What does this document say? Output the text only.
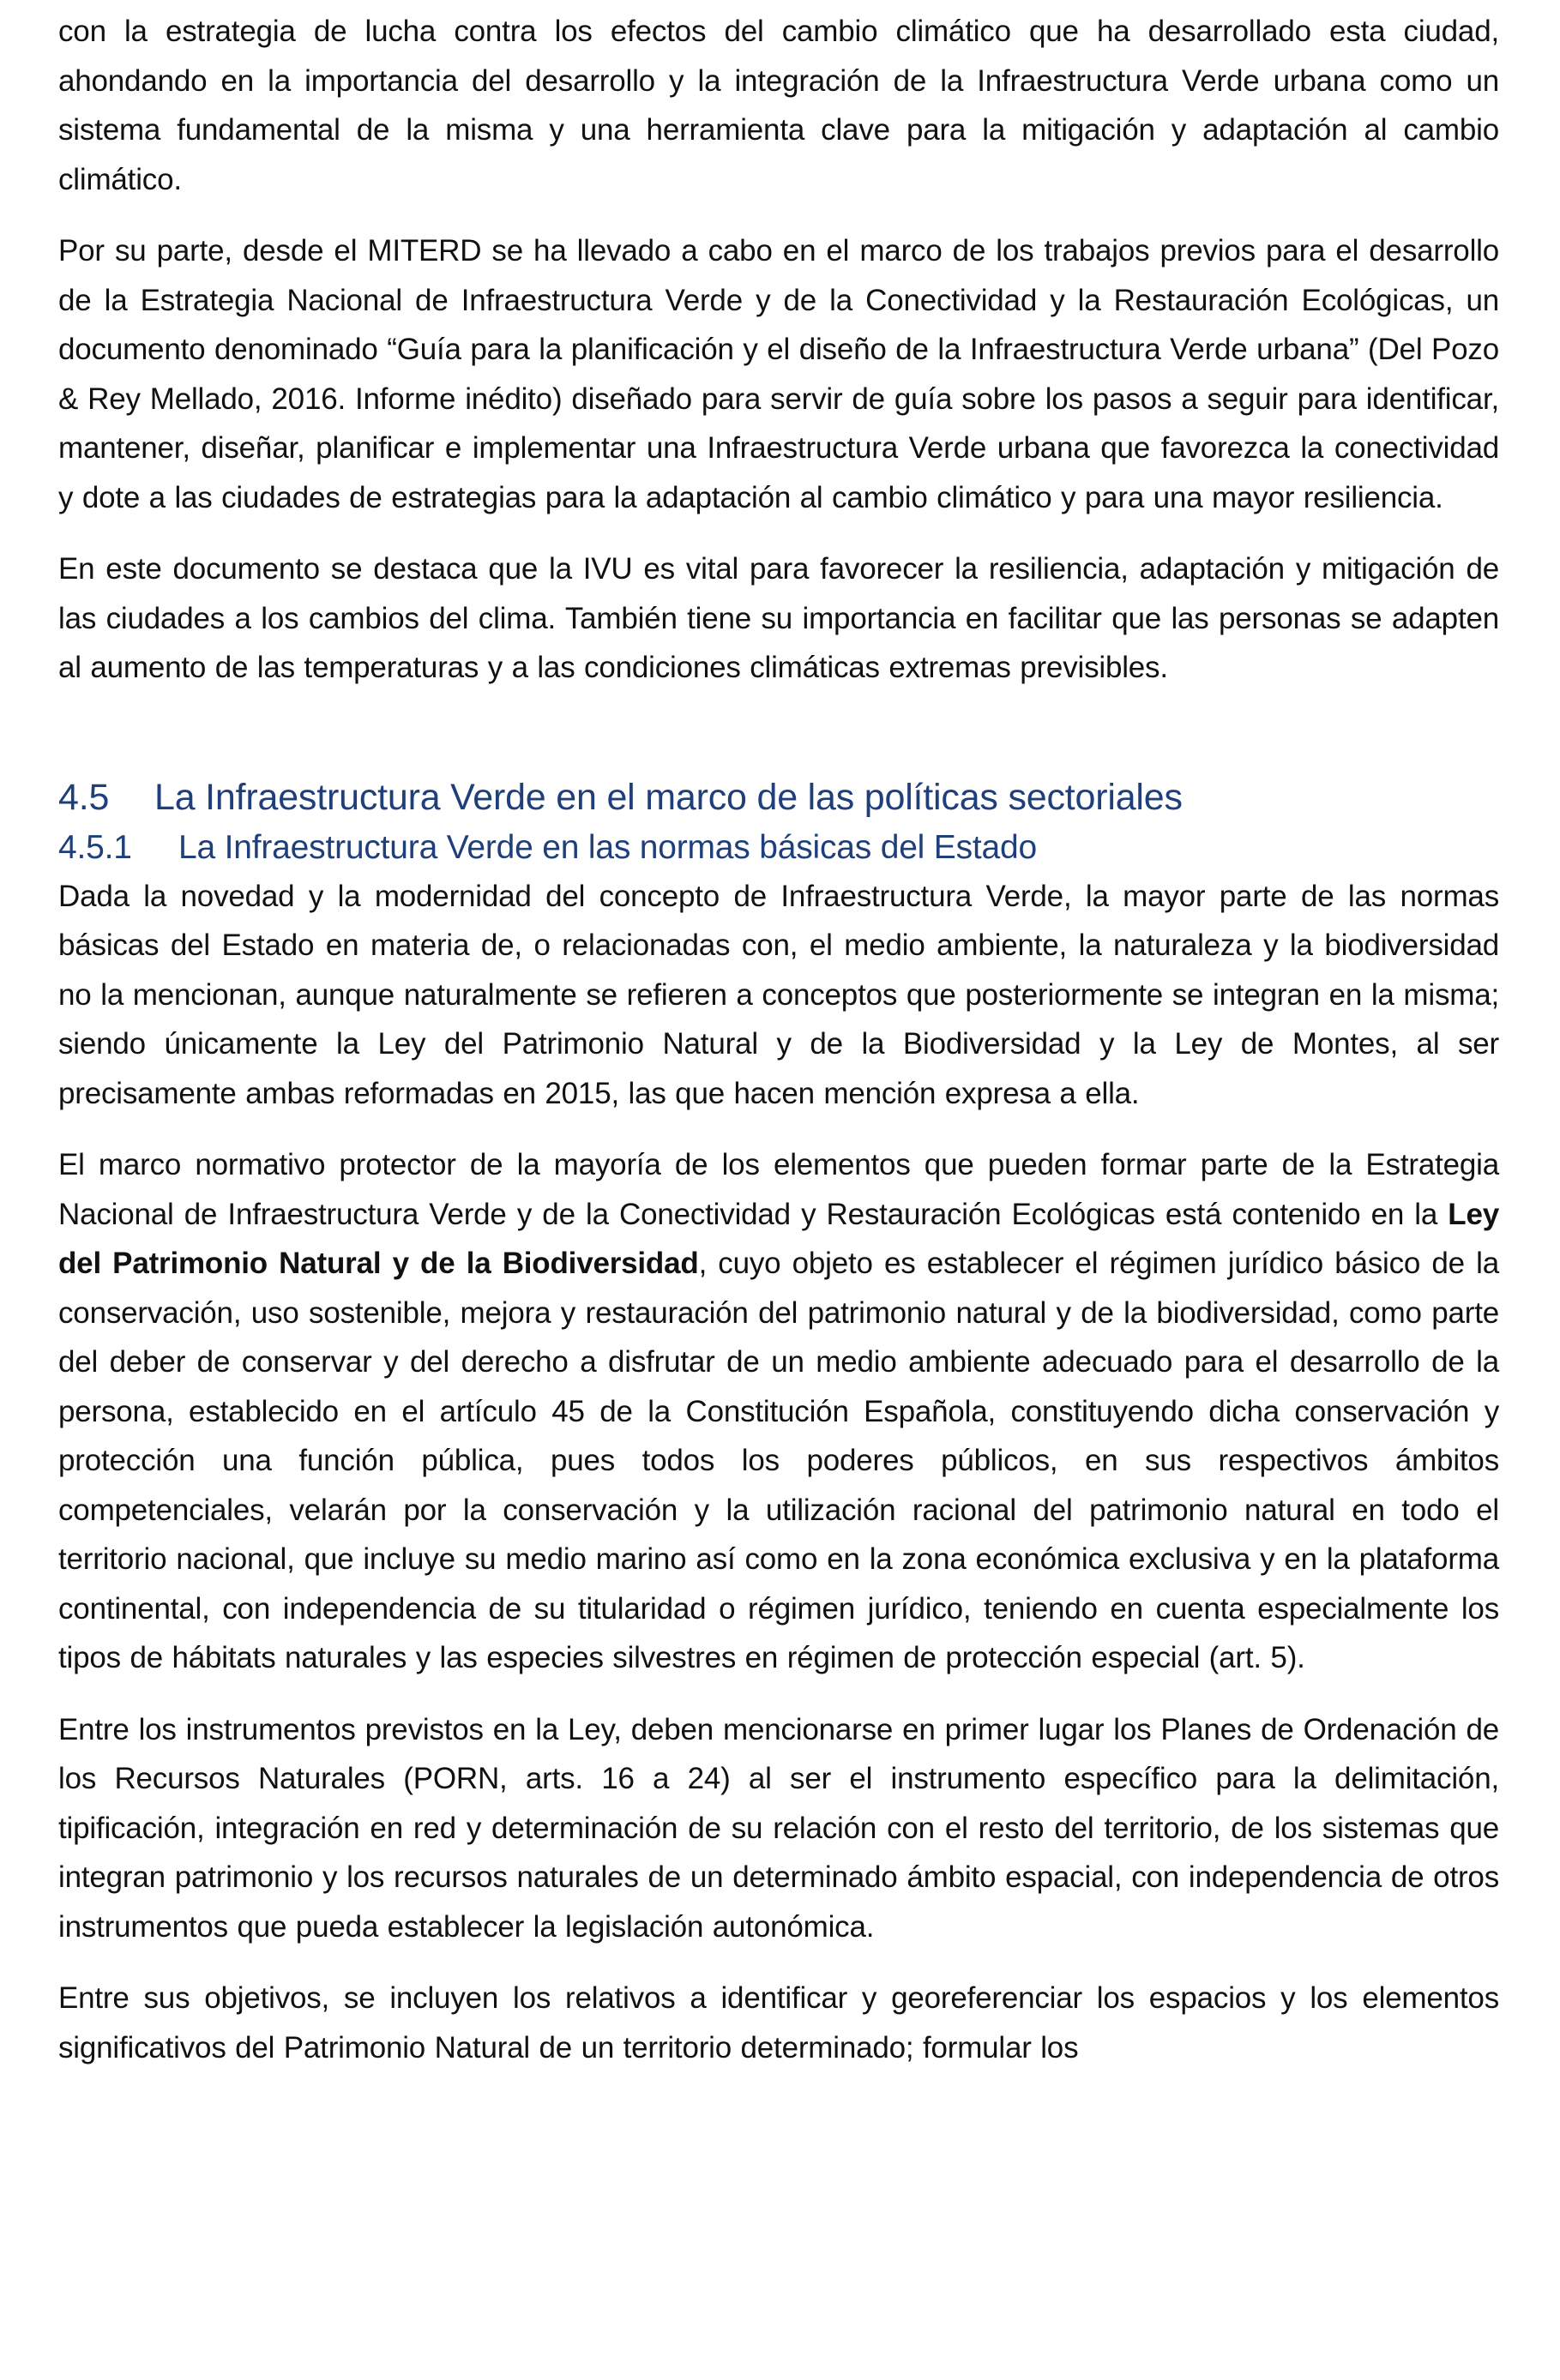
con la estrategia de lucha contra los efectos del cambio climático que ha desarrollado esta ciudad, ahondando en la importancia del desarrollo y la integración de la Infraestructura Verde urbana como un sistema fundamental de la misma y una herramienta clave para la mitigación y adaptación al cambio climático.

Por su parte, desde el MITERD se ha llevado a cabo en el marco de los trabajos previos para el desarrollo de la Estrategia Nacional de Infraestructura Verde y de la Conectividad y la Restauración Ecológicas, un documento denominado “Guía para la planificación y el diseño de la Infraestructura Verde urbana” (Del Pozo & Rey Mellado, 2016. Informe inédito) diseñado para servir de guía sobre los pasos a seguir para identificar, mantener, diseñar, planificar e implementar una Infraestructura Verde urbana que favorezca la conectividad y dote a las ciudades de estrategias para la adaptación al cambio climático y para una mayor resiliencia.

En este documento se destaca que la IVU es vital para favorecer la resiliencia, adaptación y mitigación de las ciudades a los cambios del clima. También tiene su importancia en facilitar que las personas se adapten al aumento de las temperaturas y a las condiciones climáticas extremas previsibles.

4.5 La Infraestructura Verde en el marco de las políticas sectoriales
4.5.1 La Infraestructura Verde en las normas básicas del Estado

Dada la novedad y la modernidad del concepto de Infraestructura Verde, la mayor parte de las normas básicas del Estado en materia de, o relacionadas con, el medio ambiente, la naturaleza y la biodiversidad no la mencionan, aunque naturalmente se refieren a conceptos que posteriormente se integran en la misma; siendo únicamente la Ley del Patrimonio Natural y de la Biodiversidad y la Ley de Montes, al ser precisamente ambas reformadas en 2015, las que hacen mención expresa a ella.

El marco normativo protector de la mayoría de los elementos que pueden formar parte de la Estrategia Nacional de Infraestructura Verde y de la Conectividad y Restauración Ecológicas está contenido en la Ley del Patrimonio Natural y de la Biodiversidad, cuyo objeto es establecer el régimen jurídico básico de la conservación, uso sostenible, mejora y restauración del patrimonio natural y de la biodiversidad, como parte del deber de conservar y del derecho a disfrutar de un medio ambiente adecuado para el desarrollo de la persona, establecido en el artículo 45 de la Constitución Española, constituyendo dicha conservación y protección una función pública, pues todos los poderes públicos, en sus respectivos ámbitos competenciales, velarán por la conservación y la utilización racional del patrimonio natural en todo el territorio nacional, que incluye su medio marino así como en la zona económica exclusiva y en la plataforma continental, con independencia de su titularidad o régimen jurídico, teniendo en cuenta especialmente los tipos de hábitats naturales y las especies silvestres en régimen de protección especial (art. 5).

Entre los instrumentos previstos en la Ley, deben mencionarse en primer lugar los Planes de Ordenación de los Recursos Naturales (PORN, arts. 16 a 24) al ser el instrumento específico para la delimitación, tipificación, integración en red y determinación de su relación con el resto del territorio, de los sistemas que integran patrimonio y los recursos naturales de un determinado ámbito espacial, con independencia de otros instrumentos que pueda establecer la legislación autonómica.

Entre sus objetivos, se incluyen los relativos a identificar y georeferenciar los espacios y los elementos significativos del Patrimonio Natural de un territorio determinado; formular los
